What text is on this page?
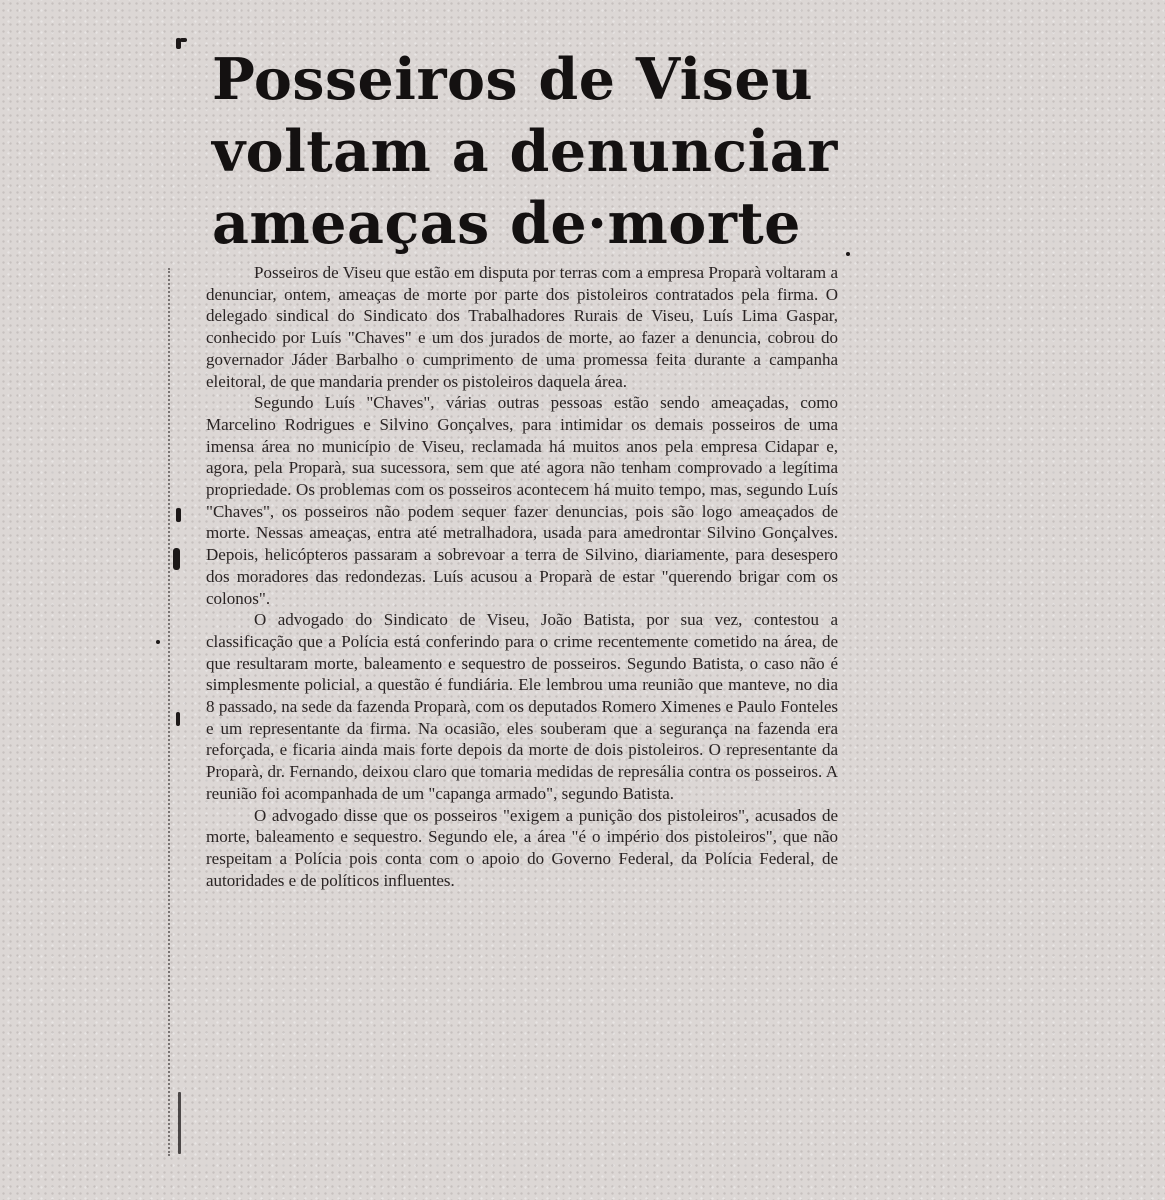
Posseiros de Viseu
voltam a denunciar
ameaças de·morte

Posseiros de Viseu que estão em disputa por terras com a empresa Proparà voltaram a denunciar, ontem, ameaças de morte por parte dos pistoleiros contratados pela firma. O delegado sindical do Sindicato dos Trabalhadores Rurais de Viseu, Luís Lima Gaspar, conhecido por Luís "Chaves" e um dos jurados de morte, ao fazer a denuncia, cobrou do governador Jáder Barbalho o cumprimento de uma promessa feita durante a campanha eleitoral, de que mandaria prender os pistoleiros daquela área.

Segundo Luís "Chaves", várias outras pessoas estão sendo ameaçadas, como Marcelino Rodrigues e Silvino Gonçalves, para intimidar os demais posseiros de uma imensa área no município de Viseu, reclamada há muitos anos pela empresa Cidapar e, agora, pela Proparà, sua sucessora, sem que até agora não tenham comprovado a legítima propriedade. Os problemas com os posseiros acontecem há muito tempo, mas, segundo Luís "Chaves", os posseiros não podem sequer fazer denuncias, pois são logo ameaçados de morte. Nessas ameaças, entra até metralhadora, usada para amedrontar Silvino Gonçalves. Depois, helicópteros passaram a sobrevoar a terra de Silvino, diariamente, para desespero dos moradores das redondezas. Luís acusou a Proparà de estar "querendo brigar com os colonos".

O advogado do Sindicato de Viseu, João Batista, por sua vez, contestou a classificação que a Polícia está conferindo para o crime recentemente cometido na área, de que resultaram morte, baleamento e sequestro de posseiros. Segundo Batista, o caso não é simplesmente policial, a questão é fundiária. Ele lembrou uma reunião que manteve, no dia 8 passado, na sede da fazenda Proparà, com os deputados Romero Ximenes e Paulo Fonteles e um representante da firma. Na ocasião, eles souberam que a segurança na fazenda era reforçada, e ficaria ainda mais forte depois da morte de dois pistoleiros. O representante da Proparà, dr. Fernando, deixou claro que tomaria medidas de represália contra os posseiros. A reunião foi acompanhada de um "capanga armado", segundo Batista.

O advogado disse que os posseiros "exigem a punição dos pistoleiros", acusados de morte, baleamento e sequestro. Segundo ele, a área "é o império dos pistoleiros", que não respeitam a Polícia pois conta com o apoio do Governo Federal, da Polícia Federal, de autoridades e de políticos influentes.
